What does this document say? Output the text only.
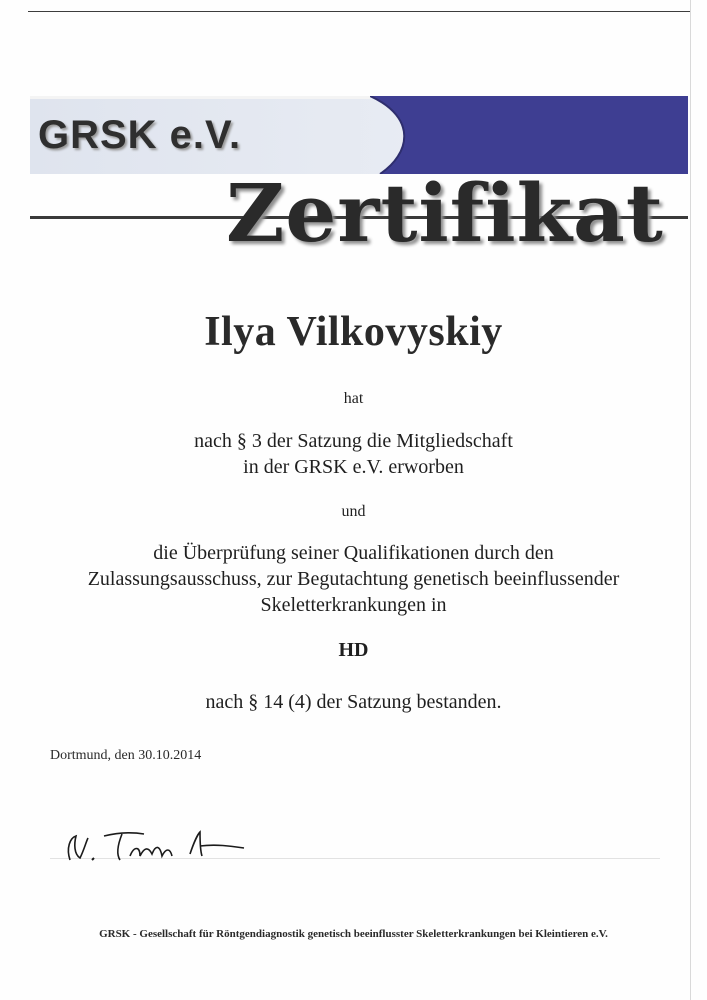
GRSK e.V.
Zertifikat
Ilya Vilkovyskiy
hat
nach § 3 der Satzung die Mitgliedschaft
in der GRSK e.V. erworben
und
die Überprüfung seiner Qualifikationen durch den
Zulassungsausschuss, zur Begutachtung genetisch beeinflussender
Skeletterkrankungen in
HD
nach § 14 (4) der Satzung bestanden.
Dortmund, den 30.10.2014
GRSK - Gesellschaft für Röntgendiagnostik genetisch beeinflusster Skeletterkrankungen bei Kleintieren e.V.
